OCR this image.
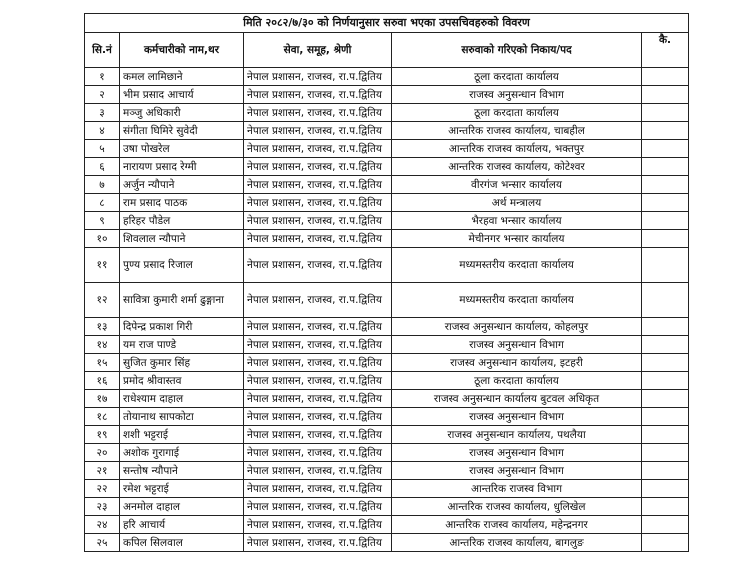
मिति २०८२/७/३० को निर्णयानुसार सरुवा भएका उपसचिवहरुको विवरण				
सि.नं	कर्मचारीको नाम,थर	सेवा, समूह, श्रेणी	सरुवाको गरिएको निकाय/पद	कै.
१	कमल लामिछाने	नेपाल प्रशासन, राजस्व, रा.प.द्वितिय	ठूला करदाता कार्यालय	
२	भीम प्रसाद आचार्य	नेपाल प्रशासन, राजस्व, रा.प.द्वितिय	राजस्व अनुसन्धान विभाग	
३	मञ्जु अधिकारी	नेपाल प्रशासन, राजस्व, रा.प.द्वितिय	ठूला करदाता कार्यालय	
४	संगीता घिमिरे सुवेदी	नेपाल प्रशासन, राजस्व, रा.प.द्वितिय	आन्तरिक राजस्व कार्यालय, चाबहील	
५	उषा पोखरेल	नेपाल प्रशासन, राजस्व, रा.प.द्वितिय	आन्तरिक राजस्व कार्यालय, भक्तपुर	
६	नारायण प्रसाद रेग्मी	नेपाल प्रशासन, राजस्व, रा.प.द्वितिय	आन्तरिक राजस्व कार्यालय, कोटेश्वर	
७	अर्जुन न्यौपाने	नेपाल प्रशासन, राजस्व, रा.प.द्वितिय	वीरगंज भन्सार कार्यालय	
८	राम प्रसाद पाठक	नेपाल प्रशासन, राजस्व, रा.प.द्वितिय	अर्थ मन्त्रालय	
९	हरिहर पौडेल	नेपाल प्रशासन, राजस्व, रा.प.द्वितिय	भैरहवा भन्सार कार्यालय	
१०	शिवलाल न्यौपाने	नेपाल प्रशासन, राजस्व, रा.प.द्वितिय	मेचीनगर भन्सार कार्यालय	
११	पुण्य प्रसाद रिजाल	नेपाल प्रशासन, राजस्व, रा.प.द्वितिय	मध्यमस्तरीय करदाता कार्यालय	
१२	सावित्रा कुमारी शर्मा ढुङ्गाना	नेपाल प्रशासन, राजस्व, रा.प.द्वितिय	मध्यमस्तरीय करदाता कार्यालय	
१३	दिपेन्द्र प्रकाश गिरी	नेपाल प्रशासन, राजस्व, रा.प.द्वितिय	राजस्व अनुसन्धान कार्यालय, कोहलपुर	
१४	यम राज पाण्डे	नेपाल प्रशासन, राजस्व, रा.प.द्वितिय	राजस्व अनुसन्धान विभाग	
१५	सुजित कुमार सिंह	नेपाल प्रशासन, राजस्व, रा.प.द्वितिय	राजस्व अनुसन्धान कार्यालय, इटहरी	
१६	प्रमोद श्रीवास्तव	नेपाल प्रशासन, राजस्व, रा.प.द्वितिय	ठूला करदाता कार्यालय	
१७	राधेश्याम दाहाल	नेपाल प्रशासन, राजस्व, रा.प.द्वितिय	राजस्व अनुसन्धान कार्यालय बुटवल अधिकृत	
१८	तोयानाथ सापकोटा	नेपाल प्रशासन, राजस्व, रा.प.द्वितिय	राजस्व अनुसन्धान विभाग	
१९	शशी भट्टराई	नेपाल प्रशासन, राजस्व, रा.प.द्वितिय	राजस्व अनुसन्धान कार्यालय, पथलैया	
२०	अशोक गुरागाई	नेपाल प्रशासन, राजस्व, रा.प.द्वितिय	राजस्व अनुसन्धान विभाग	
२१	सन्तोष न्यौपाने	नेपाल प्रशासन, राजस्व, रा.प.द्वितिय	राजस्व अनुसन्धान विभाग	
२२	रमेश भट्टराई	नेपाल प्रशासन, राजस्व, रा.प.द्वितिय	आन्तरिक राजस्व विभाग	
२३	अनमोल दाहाल	नेपाल प्रशासन, राजस्व, रा.प.द्वितिय	आन्तरिक राजस्व कार्यालय, धुलिखेल	
२४	हरि आचार्य	नेपाल प्रशासन, राजस्व, रा.प.द्वितिय	आन्तरिक राजस्व कार्यालय, महेन्द्रनगर	
२५	कपिल सिलवाल	नेपाल प्रशासन, राजस्व, रा.प.द्वितिय	आन्तरिक राजस्व कार्यालय, बागलुङ	
